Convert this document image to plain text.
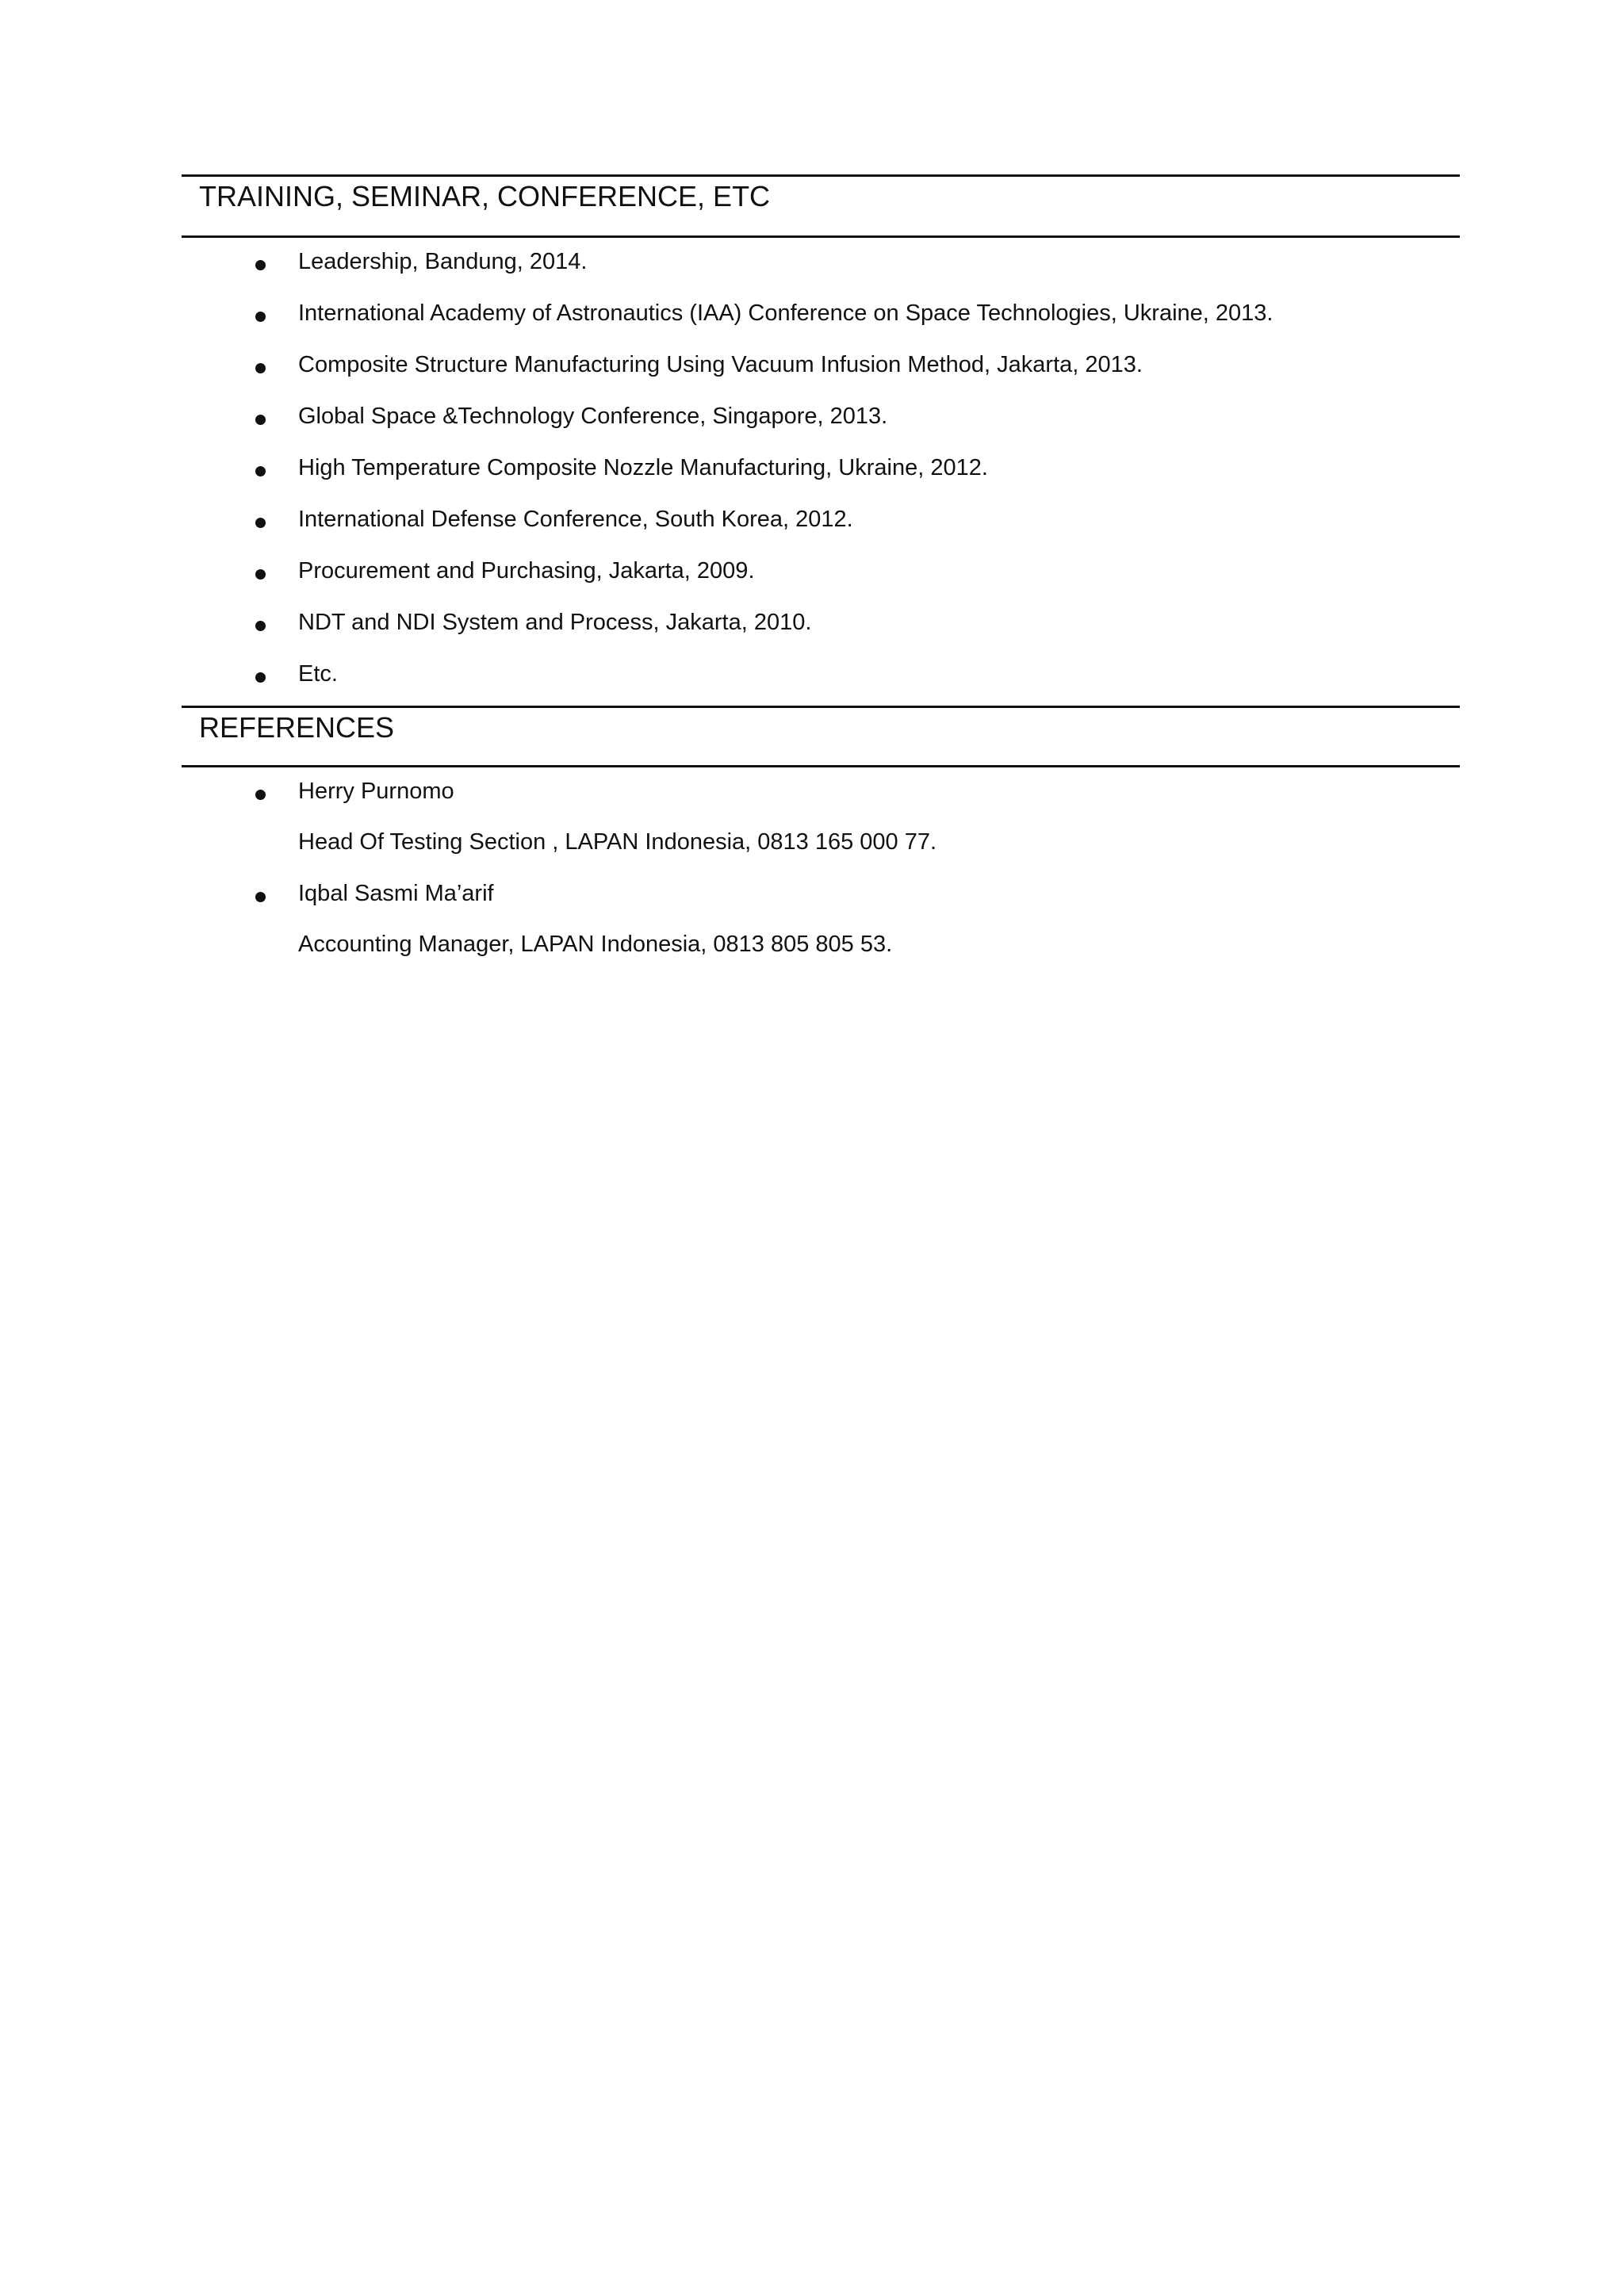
TRAINING, SEMINAR, CONFERENCE, ETC
Leadership, Bandung, 2014.
International Academy of Astronautics (IAA) Conference on Space Technologies, Ukraine, 2013.
Composite Structure Manufacturing Using Vacuum Infusion Method, Jakarta, 2013.
Global Space &Technology Conference, Singapore, 2013.
High Temperature Composite Nozzle Manufacturing, Ukraine, 2012.
International Defense Conference, South Korea, 2012.
Procurement and Purchasing, Jakarta, 2009.
NDT and NDI System and Process, Jakarta, 2010.
Etc.
REFERENCES
Herry Purnomo
Head Of Testing Section , LAPAN Indonesia, 0813 165 000 77.
Iqbal Sasmi Ma’arif
Accounting Manager, LAPAN Indonesia, 0813 805 805 53.
